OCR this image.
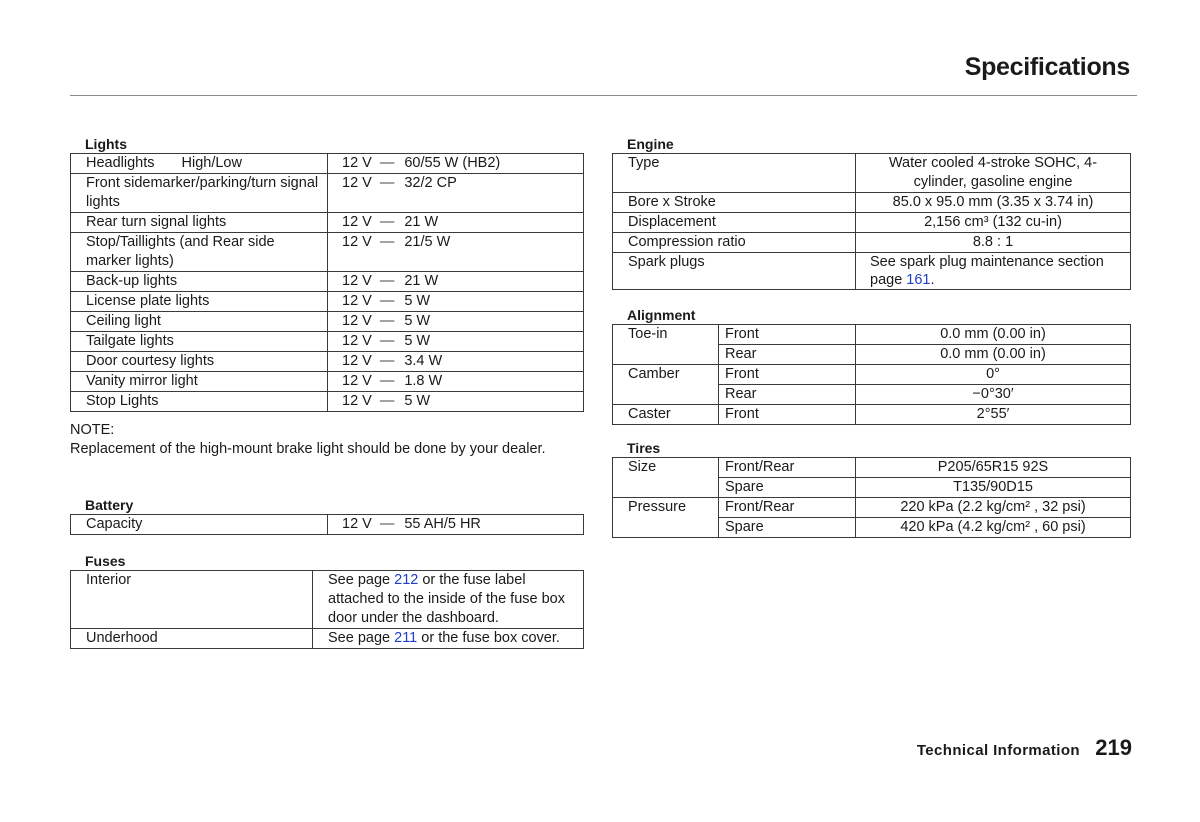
Specifications
Lights
Headlights High/Low	12 V — 60/55 W (HB2)
Front sidemarker/parking/turn signal lights	12 V — 32/2 CP
Rear turn signal lights	12 V — 21 W
Stop/Taillights (and Rear side marker lights)	12 V — 21/5 W
Back-up lights	12 V — 21 W
License plate lights	12 V — 5 W
Ceiling light	12 V — 5 W
Tailgate lights	12 V — 5 W
Door courtesy lights	12 V — 3.4 W
Vanity mirror light	12 V — 1.8 W
Stop Lights	12 V — 5 W
NOTE:
Replacement of the high-mount brake light should be done by your dealer.
Battery
Capacity	12 V — 55 AH/5 HR
Fuses
Interior	See page 212 or the fuse label attached to the inside of the fuse box door under the dashboard.
Underhood	See page 211 or the fuse box cover.
Engine
Type	Water cooled 4-stroke SOHC, 4-cylinder, gasoline engine
Bore x Stroke	85.0 x 95.0 mm (3.35 x 3.74 in)
Displacement	2,156 cm³ (132 cu-in)
Compression ratio	8.8 : 1
Spark plugs	See spark plug maintenance section page 161.
Alignment
Toe-in	Front	0.0 mm (0.00 in)
	Rear	0.0 mm (0.00 in)
Camber	Front	0°
	Rear	−0°30′
Caster	Front	2°55′
Tires
Size	Front/Rear	P205/65R15 92S
	Spare	T135/90D15
Pressure	Front/Rear	220 kPa (2.2 kg/cm² , 32 psi)
	Spare	420 kPa (4.2 kg/cm² , 60 psi)
Technical Information 219
